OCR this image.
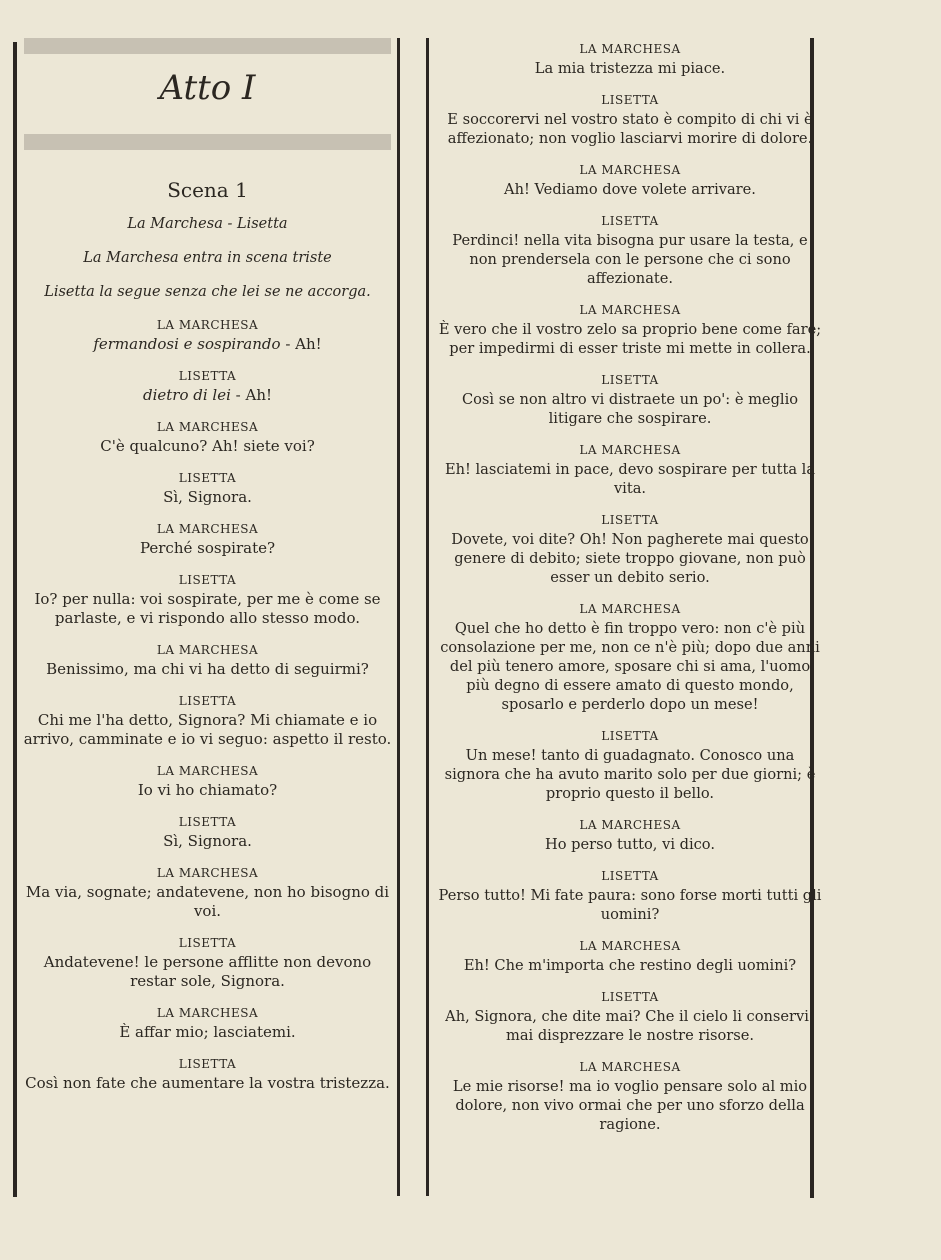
Atto I
Scena 1
La Marchesa - Lisetta
La Marchesa entra in scena triste
Lisetta la segue senza che lei se ne accorga.
LA MARCHESA
fermandosi e sospirando - Ah!
LISETTA
dietro di lei - Ah!
LA MARCHESA
C'è qualcuno? Ah! siete voi?
LISETTA
Sì, Signora.
LA MARCHESA
Perché sospirate?
LISETTA
Io? per nulla: voi sospirate, per me è come se parlaste, e vi rispondo allo stesso modo.
LA MARCHESA
Benissimo, ma chi vi ha detto di seguirmi?
LISETTA
Chi me l'ha detto, Signora? Mi chiamate e io arrivo, camminate e io vi seguo: aspetto il resto.
LA MARCHESA
Io vi ho chiamato?
LISETTA
Sì, Signora.
LA MARCHESA
Ma via, sognate; andatevene, non ho bisogno di voi.
LISETTA
Andatevene! le persone afflitte non devono restar sole, Signora.
LA MARCHESA
È affar mio; lasciatemi.
LISETTA
Così non fate che aumentare la vostra tristezza.
LA MARCHESA
La mia tristezza mi piace.
LISETTA
E soccorervi nel vostro stato è compito di chi vi è affezionato; non voglio lasciarvi morire di dolore.
LA MARCHESA
Ah! Vediamo dove volete arrivare.
LISETTA
Perdinci! nella vita bisogna pur usare la testa, e non prendersela con le persone che ci sono affezionate.
LA MARCHESA
È vero che il vostro zelo sa proprio bene come fare; per impedirmi di esser triste mi mette in collera.
LISETTA
Così se non altro vi distraete un po': è meglio litigare che sospirare.
LA MARCHESA
Eh! lasciatemi in pace, devo sospirare per tutta la vita.
LISETTA
Dovete, voi dite? Oh! Non pagherete mai questo genere di debito; siete troppo giovane, non può esser un debito serio.
LA MARCHESA
Quel che ho detto è fin troppo vero: non c'è più consolazione per me, non ce n'è più; dopo due anni del più tenero amore, sposare chi si ama, l'uomo più degno di essere amato di questo mondo, sposarlo e perderlo dopo un mese!
LISETTA
Un mese! tanto di guadagnato. Conosco una signora che ha avuto marito solo per due giorni; è proprio questo il bello.
LA MARCHESA
Ho perso tutto, vi dico.
LISETTA
Perso tutto! Mi fate paura: sono forse morti tutti gli uomini?
LA MARCHESA
Eh! Che m'importa che restino degli uomini?
LISETTA
Ah, Signora, che dite mai? Che il cielo li conservi! mai disprezzare le nostre risorse.
LA MARCHESA
Le mie risorse! ma io voglio pensare solo al mio dolore, non vivo ormai che per uno sforzo della ragione.
